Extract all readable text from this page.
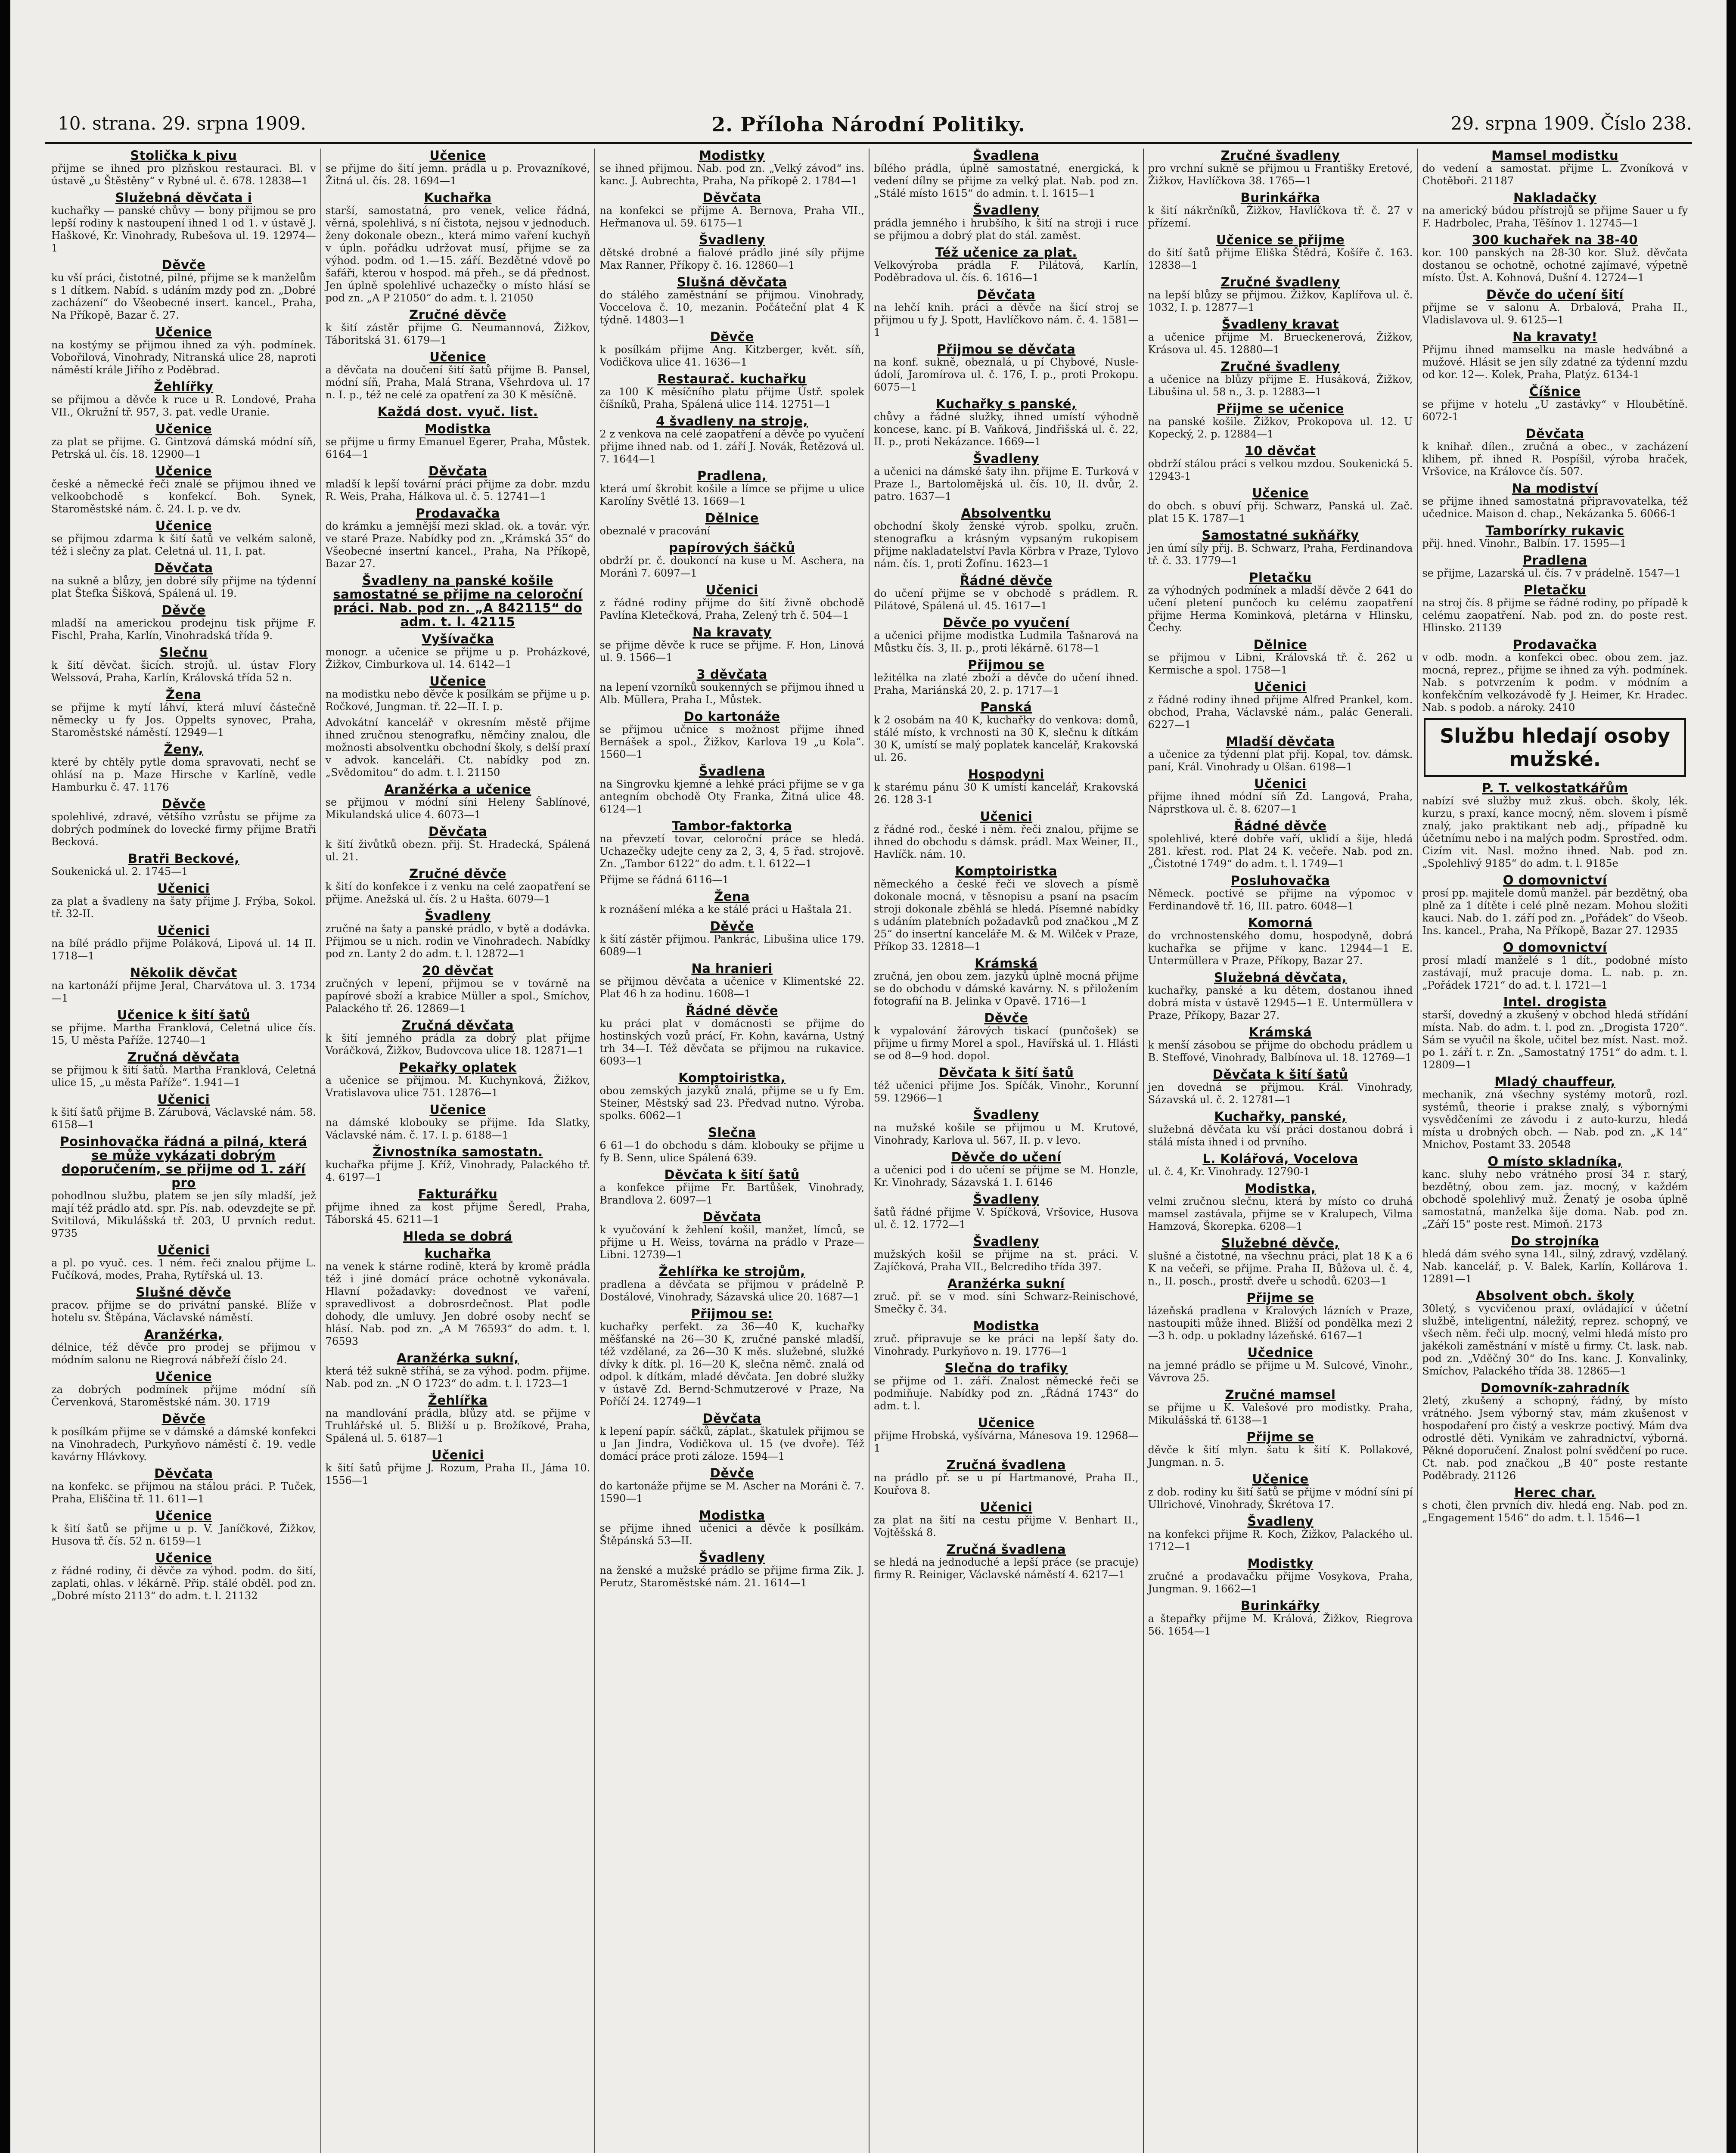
10. strana. 29. srpna 1909.	2. Příloha Národní Politiky.	29. srpna 1909. Číslo 238.
Stolička k pivu
přijme se ihned pro plzňskou restauraci. Bl. v ústavě „u Štěstěny“ v Rybné ul. č. 678. 12838—1
Služebná děvčata i
kuchařky — panské chůvy — bony přijmou se pro lepší rodiny k nastoupení ihned 1 od 1. v ústavě J. Haškové, Kr. Vinohrady, Rubešova ul. 19. 12974—1
Děvče
ku vší práci, čistotné, pilné, přijme se k manželům s 1 dítkem. Nabíd. s udáním mzdy pod zn. „Dobré zacházení“ do Všeobecné insert. kancel., Praha, Na Příkopě, Bazar č. 27.
Učenice
na kostýmy se přijmou ihned za výh. podmínek. Vobořilová, Vinohrady, Nitranská ulice 28, naproti náměstí krále Jiřího z Poděbrad.
Žehlířky
se přijmou a děvče k ruce u R. Londové, Praha VII., Okružní tř. 957, 3. pat. vedle Uranie.
Učenice
za plat se přijme. G. Gintzová dámská módní síň, Petrská ul. čís. 18. 12900—1
Učenice
české a německé řeči znalé se přijmou ihned ve velkoobchodě s konfekcí. Boh. Synek, Staroměstské nám. č. 24. I. p. ve dv.
Učenice
se přijmou zdarma k šití šatů ve velkém saloně, též i slečny za plat. Celetná ul. 11, I. pat.
Děvčata
na sukně a blůzy, jen dobré síly přijme na týdenní plat Štefka Šišková, Spálená ul. 19.
Děvče
mladší na americkou prodejnu tisk přijme F. Fischl, Praha, Karlín, Vinohradská třída 9.
Slečnu
k šití děvčat. šicích. strojů. ul. ústav Flory Welssová, Praha, Karlín, Královská třída 52 n.
Žena
se přijme k mytí láhví, která mluví částečně německy u fy Jos. Oppelts synovec, Praha, Staroměstské náměstí. 12949—1
Ženy,
které by chtěly pytle doma spravovati, nechť se ohlásí na p. Maze Hirsche v Karlíně, vedle Hamburku č. 47. 1176
Děvče
spolehlivé, zdravé, většího vzrůstu se přijme za dobrých podmínek do lovecké firmy přijme Bratři Becková.
Bratři Beckové,
Soukenická ul. 2. 1745—1
Učenici
za plat a švadleny na šaty přijme J. Frýba, Sokol. tř. 32-II.
Učenici
na bílé prádlo přijme Poláková, Lipová ul. 14 II. 1718—1
Několik děvčat
na kartonáží přijme Jeral, Charvátova ul. 3. 1734—1
Učenice k šití šatů
se přijme. Martha Franklová, Celetná ulice čís. 15, U města Paříže. 12740—1
Zručná děvčata
se přijmou k šití šatů. Martha Franklová, Celetná ulice 15, „u města Paříže“. 1.941—1
Učenici
k šití šatů přijme B. Zárubová, Václavské nám. 58. 6158—1
Posinhovačka řádná a pilná, která se může vykázati dobrým doporučením, se přijme od 1. září pro
pohodlnou službu, platem se jen síly mladší, jež mají též prádlo atd. spr. Pís. nab. odevzdejte se př. Svitilová, Mikulášská tř. 203, U prvních redut. 9735
Učenici
a pl. po vyuč. ces. 1 ném. řeči znalou přijme L. Fučíková, modes, Praha, Rytířská ul. 13.
Slušné děvče
pracov. přijme se do privátní panské. Blíže v hotelu sv. Štěpána, Václavské náměstí.
Aranžérka,
délnice, též děvče pro prodej se přijmou v módním salonu ne Riegrová nábřeží číslo 24.
Učenice
za dobrých podmínek přijme módní síň Červenková, Staroměstské nám. 30. 1719
Děvče
k posílkám přijme se v dámské a dámské konfekci na Vinohradech, Purkyňovo náměstí č. 19. vedle kavárny Hlávkovy.
Děvčata
na konfekc. se přijmou na stálou práci. P. Tuček, Praha, Eliščina tř. 11. 611—1
Učenice
k šití šatů se přijme u p. V. Janíčkové, Žižkov, Husova tř. čís. 52 n. 6159—1
Učenice
z řádné rodiny, či děvče za výhod. podm. do šití, zaplati, ohlas. v lékárně. Přip. stálé obděl. pod zn. „Dobré místo 2113“ do adm. t. l. 21132
Učenice
se přijme do šití jemn. prádla u p. Provazníkové, Žitná ul. čís. 28. 1694—1
Kuchařka
starší, samostatná, pro venek, velice řádná, věrná, spolehlivá, s ní čistota, nejsou v jednoduch. ženy dokonale obezn., která mimo vaření kuchyň v úpln. pořádku udržovat musí, přijme se za výhod. podm. od 1.—15. září. Bezdětné vdově po šafáři, kterou v hospod. má přeh., se dá přednost. Jen úplně spolehlivé uchazečky o místo hlásí se pod zn. „A P 21050“ do adm. t. l. 21050
Zručné děvče
k šití zástěr přijme G. Neumannová, Žižkov, Táboritská 31. 6179—1
Učenice
a děvčata na doučení šití šatů přijme B. Pansel, módní síň, Praha, Malá Strana, Všehrdova ul. 17 n. I. p., též ne celé za opatření za 30 K měsíčně.
Každá dost. vyuč. list.
Modistka
se přijme u firmy Emanuel Egerer, Praha, Můstek. 6164—1
Děvčata
mladší k lepší tovární práci přijme za dobr. mzdu R. Weis, Praha, Hálkova ul. č. 5. 12741—1
Prodavačka
do krámku a jemnější mezi sklad. ok. a továr. výr. ve staré Praze. Nabídky pod zn. „Krámská 35“ do Všeobecné insertní kancel., Praha, Na Příkopě, Bazar 27.
Švadleny na panské košile samostatné se přijme na celoroční práci. Nab. pod zn. „A 842115“ do adm. t. l. 42115
Vyšívačka
monogr. a učenice se přijme u p. Proházkové, Žižkov, Cimburkova ul. 14. 6142—1
Učenice
na modistku nebo děvče k posílkám se přijme u p. Ročkové, Jungman. tř. 22—II. I. p.
Advokátní kancelář v okresním městě přijme ihned zručnou stenografku, němčiny znalou, dle možnosti absolventku obchodní školy, s delší praxí v advok. kanceláři. Ct. nabídky pod zn. „Svědomitou“ do adm. t. l. 21150
Aranžérka a učenice
se přijmou v módní síni Heleny Šablínové, Mikulandská ulice 4. 6073—1
Děvčata
k šití živůtků obezn. přij. Št. Hradecká, Spálená ul. 21.
Zručné děvče
k šití do konfekce i z venku na celé zaopatření se přijme. Anežská ul. čís. 2 u Hašta. 6079—1
Švadleny
zručné na šaty a panské prádlo, v bytě a dodávka. Přijmou se u nich. rodin ve Vinohradech. Nabídky pod zn. Lanty 2 do adm. t. l. 12872—1
20 děvčat
zručných v lepení, přijmou se v továrně na papírové sboží a krabice Müller a spol., Smíchov, Palackého tř. 26. 12869—1
Zručná děvčata
k šití jemného prádla za dobrý plat přijme Voráčková, Žižkov, Budovcova ulice 18. 12871—1
Pekařky oplatek
a učenice se přijmou. M. Kuchynková, Žižkov, Vratislavova ulice 751. 12876—1
Učenice
na dámské klobouky se přijme. Ida Slatky, Václavské nám. č. 17. I. p. 6188—1
Živnostníka samostatn.
kuchařka přijme J. Kříž, Vinohrady, Palackého tř. 4. 6197—1
Fakturářku
přijme ihned za kost přijme Šeredl, Praha, Táborská 45. 6211—1
Hleda se dobrá
kuchařka
na venek k stárne rodině, která by kromě prádla též i jiné domácí práce ochotně vykonávala. Hlavní požadavky: dovednost ve vaření, spravedlivost a dobrosrdečnost. Plat podle dohody, dle umluvy. Jen dobré osoby nechť se hlásí. Nab. pod zn. „A M 76593“ do adm. t. l. 76593
Aranžérka sukní,
která též sukně stříhá, se za výhod. podm. přijme. Nab. pod zn. „N O 1723“ do adm. t. l. 1723—1
Žehlířka
na mandlování prádla, blůzy atd. se přijme v Truhlářské ul. 5. Bližší u p. Brožíkové, Praha, Spálená ul. 5. 6187—1
Učenici
k šití šatů přijme J. Rozum, Praha II., Jáma 10. 1556—1
Modistky
se ihned přijmou. Nab. pod zn. „Velký závod“ ins. kanc. J. Aubrechta, Praha, Na příkopě 2. 1784—1
Děvčata
na konfekci se přijme A. Bernova, Praha VII., Heřmanova ul. 59. 6175—1
Švadleny
dětské drobné a fialové prádlo jiné síly přijme Max Ranner, Příkopy č. 16. 12860—1
Slušná děvčata
do stálého zaměstnání se přijmou. Vinohrady, Voccelova č. 10, mezanin. Počáteční plat 4 K týdně. 14803—1
Děvče
k posílkám přijme Ang. Kitzberger, květ. síň, Vodičkova ulice 41. 1636—1
Restaurač. kuchařku
za 100 K měsíčního platu přijme Ústř. spolek číšníků, Praha, Spálená ulice 114. 12751—1
4 švadleny na stroje,
2 z venkova na celé zaopatření a děvče po vyučení přijme ihned nab. od 1. září J. Novák, Řetězová ul. 7. 1644—1
Pradlena,
která umí škrobit košile a límce se přijme u ulice Karolíny Světlé 13. 1669—1
Dělnice
obeznalé v pracování
papírových šáčků
obdrží pr. č. doukoncí na kuse u M. Aschera, na Moránì 7. 6097—1
Učenici
z řádné rodiny přijme do šití živně obchodě Pavlína Kletečková, Praha, Zelený trh č. 504—1
Na kravaty
se přijme děvče k ruce se přijme. F. Hon, Linová ul. 9. 1566—1
3 děvčata
na lepení vzorníků soukenných se přijmou ihned u Alb. Müllera, Praha I., Můstek.
Do kartonáže
se přijmou učnice s možnost přijme ihned Bernášek a spol., Žižkov, Karlova 19 „u Kola“. 1560—1
Švadlena
na Singrovku kjemné a lehké práci přijme se v ga antegním obchodě Oty Franka, Žitná ulice 48. 6124—1
Tambor-faktorka
na převzetí tovar, celoroční práce se hledá. Uchazečky udejte ceny za 2, 3, 4, 5 řad. strojově. Zn. „Tambor 6122“ do adm. t. l. 6122—1
Přijme se řádná 6116—1
Žena
k roznášení mléka a ke stálé práci u Haštala 21.
Děvče
k šití zástěr přijmou. Pankrác, Libušina ulice 179. 6089—1
Na hranieri
se přijmou děvčata a učenice v Klimentské 22. Plat 46 h za hodinu. 1608—1
Řádné děvče
ku práci plat v domácnosti se přijme do hostinských vozů prácí, Fr. Kohn, kavárna, Ustný trh 34—I. Též děvčata se přijmou na rukavice. 6093—1
Komptoiristka,
obou zemských jazyků znalá, přijme se u fy Em. Steiner, Městský sad 23. Předvad nutno. Výroba. spolks. 6062—1
Slečna
6 61—1 do obchodu s dám. klobouky se přijme u fy B. Senn, ulice Spálená 639.
Děvčata k šití šatů
a konfekce přijme Fr. Bartůšek, Vinohrady, Brandlova 2. 6097—1
Děvčata
k vyučování k žehlení košil, manžet, límců, se přijme u H. Weiss, továrna na prádlo v Praze—Libni. 12739—1
Žehlířka ke strojům,
pradlena a děvčata se přijmou v prádelně P. Dostálové, Vinohrady, Sázavská ulice 20. 1687—1
Přijmou se:
kuchařky perfekt. za 36—40 K, kuchařky měšťanské na 26—30 K, zručné panské mladší, též vzdělané, za 26—30 K měs. služebné, služké dívky k dítk. pl. 16—20 K, slečna němč. znalá od odpol. k dítkám, mladé děvčata. Jen dobré služky v ústavě Zd. Bernd-Schmutzerové v Praze, Na Poříčí 24. 12749—1
Děvčata
k lepení papír. sáčků, záplat., škatulek přijmou se u Jan Jindra, Vodičkova ul. 15 (ve dvoře). Též domácí práce proti záloze. 1594—1
Děvče
do kartonáže přijme se M. Ascher na Moráni č. 7. 1590—1
Modistka
se přijme ihned učenici a děvče k posílkám. Štěpánská 53—II.
Švadleny
na ženské a mužské prádlo se přijme firma Zik. J. Perutz, Staroměstské nám. 21. 1614—1
Švadlena
bílého prádla, úplně samostatné, energická, k vedení dílny se přijme za velký plat. Nab. pod zn. „Stálé místo 1615“ do admin. t. l. 1615—1
Švadleny
prádla jemného i hrubšího, k šití na stroji i ruce se přijmou a dobrý plat do stál. zaměst.
Též učenice za plat.
Velkovýroba prádla F. Pilátová, Karlín, Poděbradova ul. čís. 6. 1616—1
Děvčata
na lehčí knih. práci a děvče na šicí stroj se přijmou u fy J. Spott, Havlíčkovo nám. č. 4. 1581—1
Přijmou se děvčata
na konf. sukně, obeznalá, u pí Chybové, Nusle-údolí, Jaromírova ul. č. 176, I. p., proti Prokopu. 6075—1
Kuchařky s panské,
chůvy a řádné služky, ihned umístí výhodně koncese, kanc. pí B. Vaňková, Jindřišská ul. č. 22, II. p., proti Nekázance. 1669—1
Švadleny
a učenici na dámské šaty ihn. přijme E. Turková v Praze I., Bartolomějská ul. čís. 10, II. dvůr, 2. patro. 1637—1
Absolventku
obchodní školy ženské výrob. spolku, zručn. stenografku a krásným vypsaným rukopisem přijme nakladatelství Pavla Körbra v Praze, Tylovo nám. čís. 1, proti Žofínu. 1623—1
Řádné děvče
do učení přijme se v obchodě s prádlem. R. Pilátové, Spálená ul. 45. 1617—1
Děvče po vyučení
a učenici přijme modistka Ludmila Tašnarová na Můstku čís. 3, II. p., proti lékárně. 6178—1
Přijmou se
ležitélka na zlaté zboží a děvče do učení ihned. Praha, Mariánská 20, 2. p. 1717—1
Panská
k 2 osobám na 40 K, kuchařky do venkova: domů, stálé místo, k vrchnosti na 30 K, slečnu k dítkám 30 K, umístí se malý poplatek kancelář, Krakovská ul. 26.
Hospodyni
k starému pánu 30 K umístí kancelář, Krakovská 26. 128 3-1
Učenici
z řádné rod., české i něm. řeči znalou, přijme se ihned do obchodu s dámsk. prádl. Max Weiner, II., Havlíčk. nám. 10.
Komptoiristka
německého a české řeči ve slovech a písmě dokonale mocná, v těsnopisu a psaní na psacím stroji dokonale zběhlá se hledá. Písemné nabídky s udáním platebních požadavků pod značkou „M Z 25“ do insertní kanceláře M. & M. Wilček v Praze, Příkop 33. 12818—1
Krámská
zručná, jen obou zem. jazyků úplně mocná přijme se do obchodu v dámské kavárny. N. s přiložením fotografií na B. Jelinka v Opavě. 1716—1
Děvče
k vypalování žárových tiskací (punčošek) se přijme u firmy Morel a spol., Havířská ul. 1. Hlásti se od 8—9 hod. dopol.
Děvčata k šití šatů
též učenici přijme Jos. Spíčák, Vinohr., Korunní 59. 12966—1
Švadleny
na mužské košile se přijmou u M. Krutové, Vinohrady, Karlova ul. 567, II. p. v levo.
Děvče do učení
a učenici pod i do učení se přijme se M. Honzle, Kr. Vinohrady, Sázavská 1. I. 6146
Švadleny
šatů řádné přijme V. Spíčková, Vršovice, Husova ul. č. 12. 1772—1
Švadleny
mužských košil se přijme na st. práci. V. Zajíčková, Praha VII., Belcrediho třída 397.
Aranžérka sukní
zruč. př. se v mod. síni Schwarz-Reinischové, Smečky č. 34.
Modistka
zruč. připravuje se ke práci na lepší šaty do. Vinohrady. Purkyňovo n. 19. 1776—1
Slečna do trafiky
se přijme od 1. září. Znalost německé řeči se podmiňuje. Nabídky pod zn. „Řádná 1743“ do adm. t. l.
Učenice
přijme Hrobská, vyšívárna, Mánesova 19. 12968—1
Zručná švadlena
na prádlo př. se u pí Hartmanové, Praha II., Kouřova 8.
Učenici
za plat na šití na cestu přijme V. Benhart II., Vojtěšská 8.
Zručná švadlena
se hledá na jednoduché a lepší práce (se pracuje) firmy R. Reiniger, Václavské náměstí 4. 6217—1
Zručné švadleny
pro vrchní sukně se přijmou u Františky Eretové, Žižkov, Havlíčkova 38. 1765—1
Burinkářka
k šití nákrčníků, Žižkov, Havlíčkova tř. č. 27 v přízemí.
Učenice se přijme
do šití šatů přijme Eliška Štědrá, Košíře č. 163. 12838—1
Zručné švadleny
na lepší blůzy se přijmou. Žižkov, Kaplířova ul. č. 1032, I. p. 12877—1
Švadleny kravat
a učenice přijme M. Brueckenerová, Žižkov, Krásova ul. 45. 12880—1
Zručné švadleny
a učenice na blůzy přijme E. Husáková, Žižkov, Libušina ul. 58 n., 3. p. 12883—1
Přijme se učenice
na panské košile. Žižkov, Prokopova ul. 12. U Kopecký, 2. p. 12884—1
10 děvčat
obdrží stálou práci s velkou mzdou. Soukenická 5. 12943-1
Učenice
do obch. s obuví přij. Schwarz, Panská ul. Zač. plat 15 K. 1787—1
Samostatné sukňářky
jen úmí síly přij. B. Schwarz, Praha, Ferdinandova tř. č. 33. 1779—1
Pletačku
za výhodných podmínek a mladší děvče 2 641 do učení pletení punčoch ku celému zaopatření přijme Herma Kominková, pletárna v Hlinsku, Čechy.
Dělnice
se přijmou v Libni, Královská tř. č. 262 u Kermische a spol. 1758—1
Učenici
z řádné rodiny ihned přijme Alfred Prankel, kom. obchod, Praha, Václavské nám., palác Generali. 6227—1
Mladší děvčata
a učenice za týdenní plat přij. Kopal, tov. dámsk. paní, Král. Vinohrady u Olšan. 6198—1
Učenici
přijme ihned módní síň Zd. Langová, Praha, Náprstkova ul. č. 8. 6207—1
Řádné děvče
spolehlivé, které dobře vaří, uklidí a šije, hledá 281. křest. rod. Plat 24 K. večeře. Nab. pod zn. „Čistotné 1749“ do adm. t. l. 1749—1
Posluhovačka
Německ. poctivé se přijme na výpomoc v Ferdinandově tř. 16, III. patro. 6048—1
Komorná
do vrchnostenského domu, hospodyně, dobrá kuchařka se přijme v kanc. 12944—1 E. Untermüllera v Praze, Příkopy, Bazar 27.
Služebná děvčata,
kuchařky, panské a ku dětem, dostanou ihned dobrá místa v ústavě 12945—1 E. Untermüllera v Praze, Příkopy, Bazar 27.
Krámská
k menší zásobou se přijme do obchodu prádlem u B. Steffové, Vinohrady, Balbínova ul. 18. 12769—1
Děvčata k šití šatů
jen dovedná se přijmou. Král. Vinohrady, Sázavská ul. č. 2. 12781—1
Kuchařky, panské,
služebná děvčata ku vší práci dostanou dobrá i stálá místa ihned i od prvního.
L. Kolářová, Vocelova
ul. č. 4, Kr. Vinohrady. 12790-1
Modistka,
velmi zručnou slečnu, která by místo co druhá mamsel zastávala, přijme se v Kralupech, Vilma Hamzová, Škorepka. 6208—1
Služebné děvče,
slušné a čistotné, na všechnu práci, plat 18 K a 6 K na večeři, se přijme. Praha II, Bůžova ul. č. 4, n., II. posch., prostř. dveře u schodů. 6203—1
Přijme se
lázeňská pradlena v Kralových lázních v Praze, nastoupiti může ihned. Bližší od pondělka mezi 2—3 h. odp. u pokladny lázeňské. 6167—1
Učednice
na jemné prádlo se přijme u M. Sulcové, Vinohr., Vávrova 25.
Zručné mamsel
se přijme u K. Valešové pro modistky. Praha, Mikulášská tř. 6138—1
Přijme se
děvče k šití mlyn. šatu k šití K. Pollakové, Jungman. n. 5.
Učenice
z dob. rodiny ku šití šatů se přijme v módní síni pí Ullrichové, Vinohrady, Škrétova 17.
Švadleny
na konfekci přijme R. Koch, Žižkov, Palackého ul. 1712—1
Modistky
zručné a prodavačku přijme Vosykova, Praha, Jungman. 9. 1662—1
Burinkářky
a štepařky přijme M. Králová, Žižkov, Riegrova 56. 1654—1
Mamsel modistku
do vedení a samostat. přijme L. Zvoníková v Chotěboři. 21187
Nakladačky
na americký búdou přístrojů se přijme Sauer u fy F. Hadrbolec, Praha, Těšínov 1. 12745—1
300 kuchařek na 38-40
kor. 100 panských na 28-30 kor. Služ. děvčata dostanou se ochotně, ochotné zajímavé, výpetně místo. Úst. A. Kohnová, Dušní 4. 12724—1
Děvče do učení šití
přijme se v salonu A. Drbalová, Praha II., Vladislavova ul. 9. 6125—1
Na kravaty!
Přijmu ihned mamselku na masle hedvábné a mužové. Hlásit se jen síly zdatné za týdenní mzdu od kor. 12—. Kolek, Praha, Platýz. 6134-1
Číšnice
se přijme v hotelu „U zastávky“ v Hloubětíně. 6072-1
Děvčata
k knihař. dílen., zručná a obec., v zacházení klihem, př. ihned R. Pospíšil, výroba hraček, Vršovice, na Královce čís. 507.
Na modiství
se přijme ihned samostatná připravovatelka, též učednice. Maison d. chap., Nekázanka 5. 6066-1
Tamborírky rukavic
přij. hned. Vinohr., Balbín. 17. 1595—1
Pradlena
se přijme, Lazarská ul. čís. 7 v prádelně. 1547—1
Pletačku
na stroj čís. 8 přijme se řádné rodiny, po případě k celému zaopatření. Nab. pod zn. do poste rest. Hlinsko. 21139
Prodavačka
v odb. modn. a konfekci obec. obou zem. jaz. mocná, reprez., přijme se ihned za výh. podmínek. Nab. s potvrzením k podm. v módním a konfekčním velkozávodě fy J. Heimer, Kr. Hradec. Nab. s podob. a nároky. 2410
Službu hledají osoby mužské.
P. T. velkostatkářům
nabízí své služby muž zkuš. obch. školy, lék. kurzu, s praxí, kance mocný, něm. slovem i písmě znalý, jako praktikant neb adj., případně ku účetnímu nebo i na malých podm. Sprostřed. odm. Cizím vit. Nasl. možno ihned. Nab. pod zn. „Spolehlivý 9185“ do adm. t. l. 9185e
O domovnictví
prosí pp. majitele domů manžel. pár bezdětný, oba plně za 1 dítěte i celé plně nezam. Mohou složiti kauci. Nab. do 1. září pod zn. „Pořádek“ do Všeob. Ins. kancel., Praha, Na Příkopě, Bazar 27. 12935
O domovnictví
prosí mladí manželé s 1 dít., podobné místo zastávají, muž pracuje doma. L. nab. p. zn. „Pořádek 1721“ do ad. t. l. 1721—1
Intel. drogista
starší, dovedný a zkušený v obchod hledá střídání místa. Nab. do adm. t. l. pod zn. „Drogista 1720“. Sám se vyučil na škole, učitel bez míst. Nast. mož. po 1. září t. r. Zn. „Samostatný 1751“ do adm. t. l. 12809—1
Mladý chauffeur,
mechanik, zná všechny systémy motorů, rozl. systémů, theorie i prakse znalý, s výbornými vysvědčeními ze závodu i z auto-kurzu, hledá místa u drobných obch. — Nab. pod zn. „K 14“ Mnichov, Postamt 33. 20548
O místo skladníka,
kanc. sluhy nebo vrátného prosí 34 r. starý, bezdětný, obou zem. jaz. mocný, v každém obchodě spolehlivý muž. Ženatý je osoba úplně samostatná, manželka šije doma. Nab. pod zn. „Září 15“ poste rest. Mimoň. 2173
Do strojníka
hledá dám svého syna 14l., silný, zdravý, vzdělaný. Nab. kancelář, p. V. Balek, Karlín, Kollárova 1. 12891—1
Absolvent obch. školy
30letý, s vycvičenou praxí, ovládající v účetní službě, inteligentní, náležitý, reprez. schopný, ve všech něm. řeči ulp. mocný, velmi hledá místo pro jakékoli zaměstnání v místě u firmy. Ct. lask. nab. pod zn. „Vděčný 30“ do Ins. kanc. J. Konvalinky, Smíchov, Palackého třída 38. 12865—1
Domovník-zahradník
2letý, zkušený a schopný, řádný, by místo vrátného. Jsem výborný stav, mám zkušenost v hospodaření pro čistý a veskrze poctivý. Mám dva odrostlé děti. Vynikám ve zahradnictví, výborná. Pěkné doporučení. Znalost polní svědčení po ruce. Ct. nab. pod značkou „B 40“ poste restante Poděbrady. 21126
Herec char.
s choti, člen prvních div. hledá eng. Nab. pod zn. „Engagement 1546“ do adm. t. l. 1546—1
